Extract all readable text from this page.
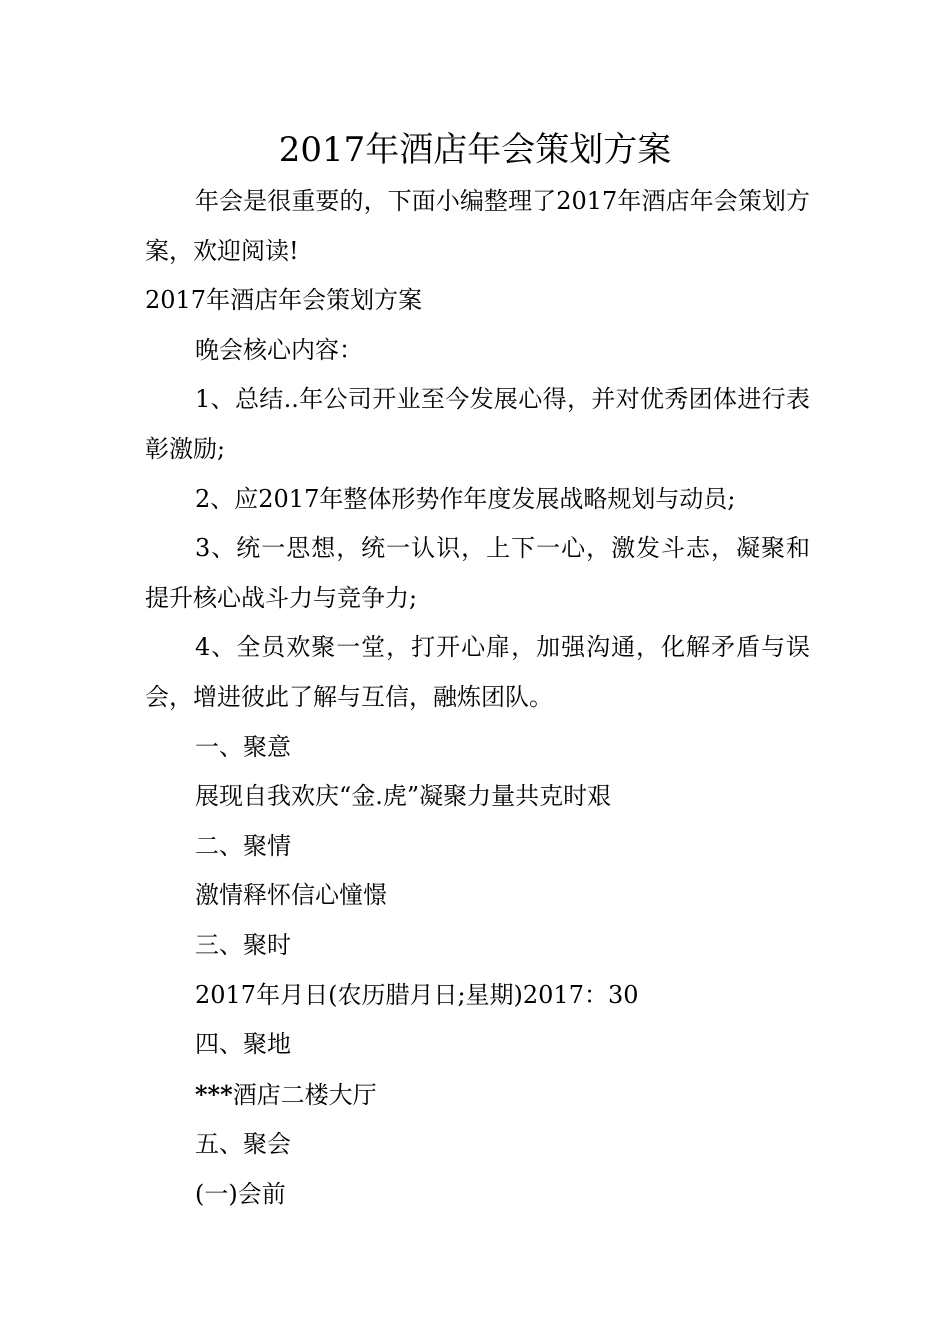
2017年酒店年会策划方案

年会是很重要的，下面小编整理了2017年酒店年会策划方案，欢迎阅读!

2017年酒店年会策划方案

晚会核心内容：

1、总结..年公司开业至今发展心得，并对优秀团体进行表彰激励;

2、应2017年整体形势作年度发展战略规划与动员;

3、统一思想，统一认识，上下一心，激发斗志，凝聚和提升核心战斗力与竞争力;

4、全员欢聚一堂，打开心扉，加强沟通，化解矛盾与误会，增进彼此了解与互信，融炼团队。

一、聚意

展现自我欢庆“金.虎”凝聚力量共克时艰

二、聚情

激情释怀信心憧憬

三、聚时

2017年月日(农历腊月日;星期)2017：30

四、聚地

***酒店二楼大厅

五、聚会

(一)会前
